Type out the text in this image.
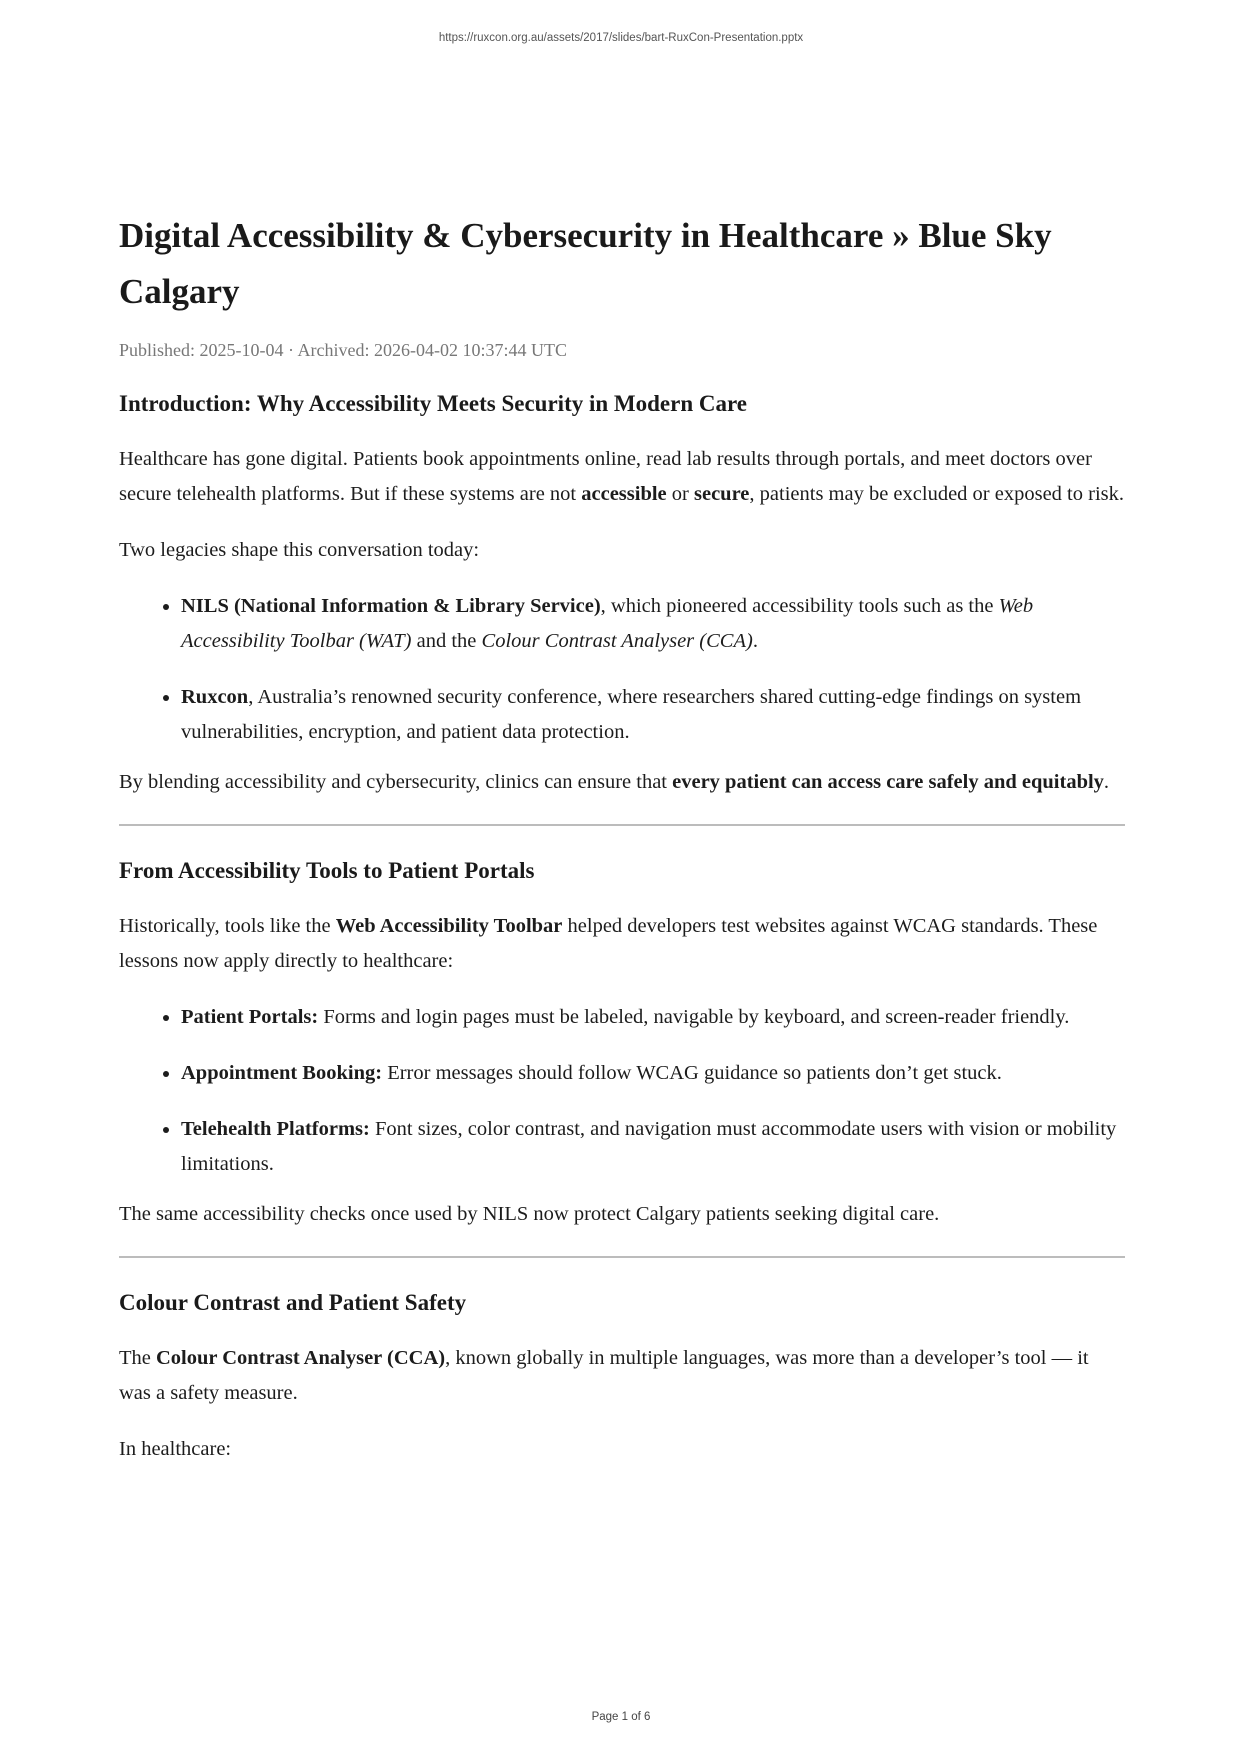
https://ruxcon.org.au/assets/2017/slides/bart-RuxCon-Presentation.pptx
Digital Accessibility & Cybersecurity in Healthcare » Blue Sky Calgary
Published: 2025-10-04 · Archived: 2026-04-02 10:37:44 UTC
Introduction: Why Accessibility Meets Security in Modern Care

Healthcare has gone digital. Patients book appointments online, read lab results through portals, and meet doctors over secure telehealth platforms. But if these systems are not accessible or secure, patients may be excluded or exposed to risk.

Two legacies shape this conversation today:

• NILS (National Information & Library Service), which pioneered accessibility tools such as the Web Accessibility Toolbar (WAT) and the Colour Contrast Analyser (CCA).
• Ruxcon, Australia’s renowned security conference, where researchers shared cutting-edge findings on system vulnerabilities, encryption, and patient data protection.

By blending accessibility and cybersecurity, clinics can ensure that every patient can access care safely and equitably.

From Accessibility Tools to Patient Portals

Historically, tools like the Web Accessibility Toolbar helped developers test websites against WCAG standards. These lessons now apply directly to healthcare:

• Patient Portals: Forms and login pages must be labeled, navigable by keyboard, and screen-reader friendly.
• Appointment Booking: Error messages should follow WCAG guidance so patients don’t get stuck.
• Telehealth Platforms: Font sizes, color contrast, and navigation must accommodate users with vision or mobility limitations.

The same accessibility checks once used by NILS now protect Calgary patients seeking digital care.

Colour Contrast and Patient Safety

The Colour Contrast Analyser (CCA), known globally in multiple languages, was more than a developer’s tool — it was a safety measure.

In healthcare:

Page 1 of 6
